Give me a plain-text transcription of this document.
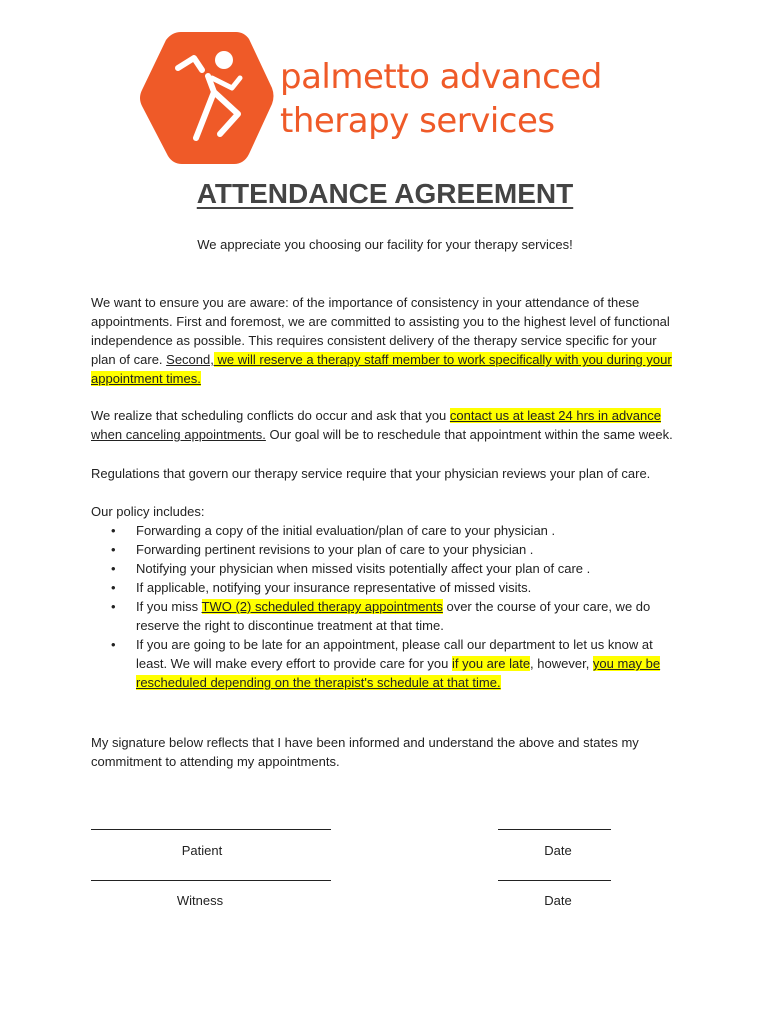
palmetto advanced
therapy services
ATTENDANCE AGREEMENT
We appreciate you choosing our facility for your therapy services!

We want to ensure you are aware: of the importance of consistency in your attendance of these appointments. First and foremost, we are committed to assisting you to the highest level of functional independence as possible. This requires consistent delivery of the therapy service specific for your plan of care. Second, we will reserve a therapy staff member to work specifically with you during your appointment times.

We realize that scheduling conflicts do occur and ask that you contact us at least 24 hrs in advance when canceling appointments. Our goal will be to reschedule that appointment within the same week.

Regulations that govern our therapy service require that your physician reviews your plan of care.

Our policy includes:

• Forwarding a copy of the initial evaluation/plan of care to your physician .
• Forwarding pertinent revisions to your plan of care to your physician .
• Notifying your physician when missed visits potentially affect your plan of care .
• If applicable, notifying your insurance representative of missed visits.
• If you miss TWO (2) scheduled therapy appointments over the course of your care, we do reserve the right to discontinue treatment at that time.
• If you are going to be late for an appointment, please call our department to let us know at least. We will make every effort to provide care for you if you are late, however, you may be rescheduled depending on the therapist's schedule at that time.
My signature below reflects that I have been informed and understand the above and states my commitment to attending my appointments.
Patient	Date
Witness	Date
